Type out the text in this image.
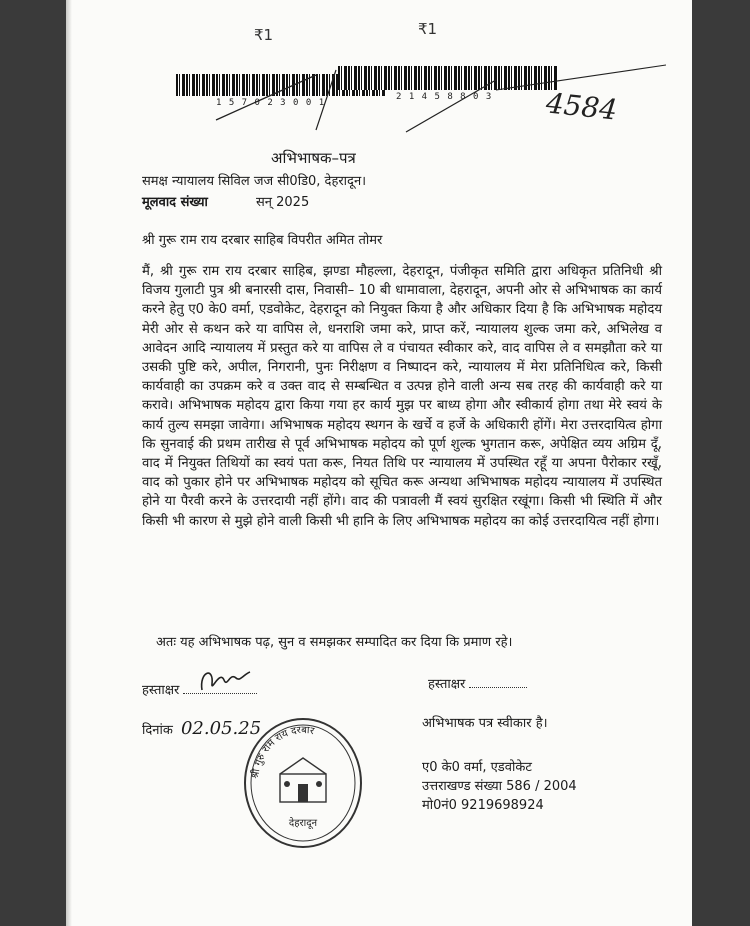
₹1	₹1
1 5 7 0 2 3 0 0 1
2 1 4 5 8 8 0 3 4584
अभिभाषक–पत्र
समक्ष न्यायालय सिविल जज सी0डि0, देहरादून।
मूलवाद संख्या	सन् 2025
श्री गुरू राम राय दरबार साहिब विपरीत अमित तोमर
मैं, श्री गुरू राम राय दरबार साहिब, झण्डा मौहल्ला, देहरादून, पंजीकृत समिति द्वारा अधिकृत प्रतिनिधी श्री विजय गुलाटी पुत्र श्री बनारसी दास, निवासी– 10 बी धामावाला, देहरादून, अपनी ओर से अभिभाषक का कार्य करने हेतु ए0 के0 वर्मा, एडवोकेट, देहरादून को नियुक्त किया है और अधिकार दिया है कि अभिभाषक महोदय मेरी ओर से कथन करे या वापिस ले, धनराशि जमा करे, प्राप्त करें, न्यायालय शुल्क जमा करे, अभिलेख व आवेदन आदि न्यायालय में प्रस्तुत करे या वापिस ले व पंचायत स्वीकार करे, वाद वापिस ले व समझौता करे या उसकी पुष्टि करे, अपील, निगरानी, पुनः निरीक्षण व निष्पादन करे, न्यायालय में मेरा प्रतिनिधित्व करे, किसी कार्यवाही का उपक्रम करे व उक्त वाद से सम्बन्धित व उत्पन्न होने वाली अन्य सब तरह की कार्यवाही करे या करावे। अभिभाषक महोदय द्वारा किया गया हर कार्य मुझ पर बाध्य होगा और स्वीकार्य होगा तथा मेरे स्वयं के कार्य तुल्य समझा जावेगा। अभिभाषक महोदय स्थगन के खर्चे व हर्जे के अधिकारी होंगें। मेरा उत्तरदायित्व होगा कि सुनवाई की प्रथम तारीख से पूर्व अभिभाषक महोदय को पूर्ण शुल्क भुगतान करू, अपेक्षित व्यय अग्रिम दूँ, वाद में नियुक्त तिथियों का स्वयं पता करू, नियत तिथि पर न्यायालय में उपस्थित रहूँ या अपना पैरोकार रखूँ, वाद को पुकार होने पर अभिभाषक महोदय को सूचित करू अन्यथा अभिभाषक महोदय न्यायालय में उपस्थित होने या पैरवी करने के उत्तरदायी नहीं होंगे। वाद की पत्रावली मैं स्वयं सुरक्षित रखूंगा। किसी भी स्थिति में और किसी भी कारण से मुझे होने वाली किसी भी हानि के लिए अभिभाषक महोदय का कोई उत्तरदायित्व नहीं होगा।
अतः यह अभिभाषक पढ़, सुन व समझकर सम्पादित कर दिया कि प्रमाण रहे।
हस्ताक्षर	हस्ताक्षर
दिनांक 02.05.25	अभिभाषक पत्र स्वीकार है।
ए0 के0 वर्मा, एडवोकेट
उत्तराखण्ड संख्या 586 / 2004
मो0नं0 9219698924
श्री गुरु राम राय दरबार
देहरादून
